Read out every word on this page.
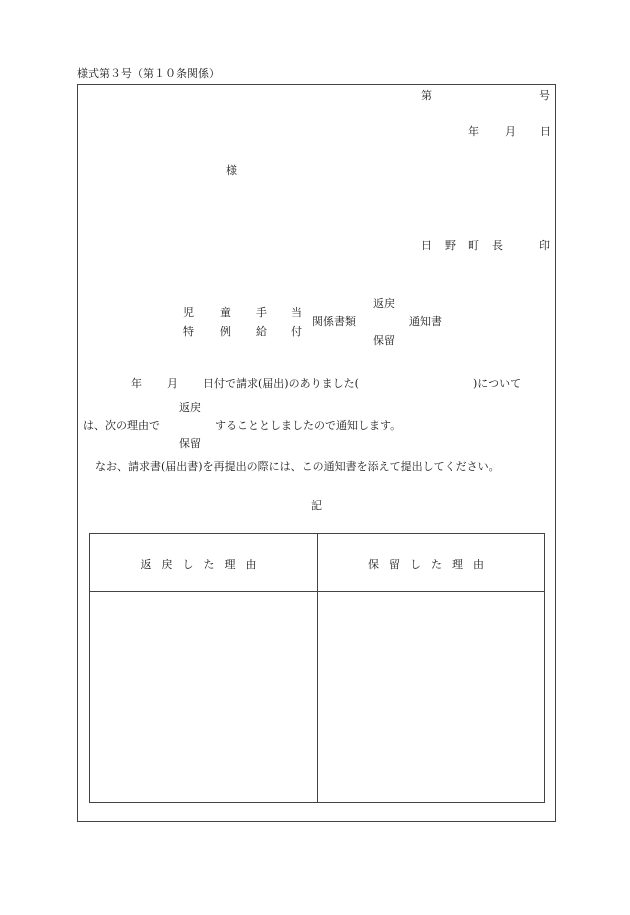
様式第３号（第１０条関係）
第	号
年 月 日
様
日 野 町 長	印
児 童 手 当
特 例 給 付
関係書類
返戻
保留
通知書
年 月 日付で請求(届出)のありました(	)について
返戻
は、次の理由で	することとしましたので通知します。
保留
なお、請求書(届出書)を再提出の際には、この通知書を添えて提出してください。
記
返戻した理由	保留した理由
